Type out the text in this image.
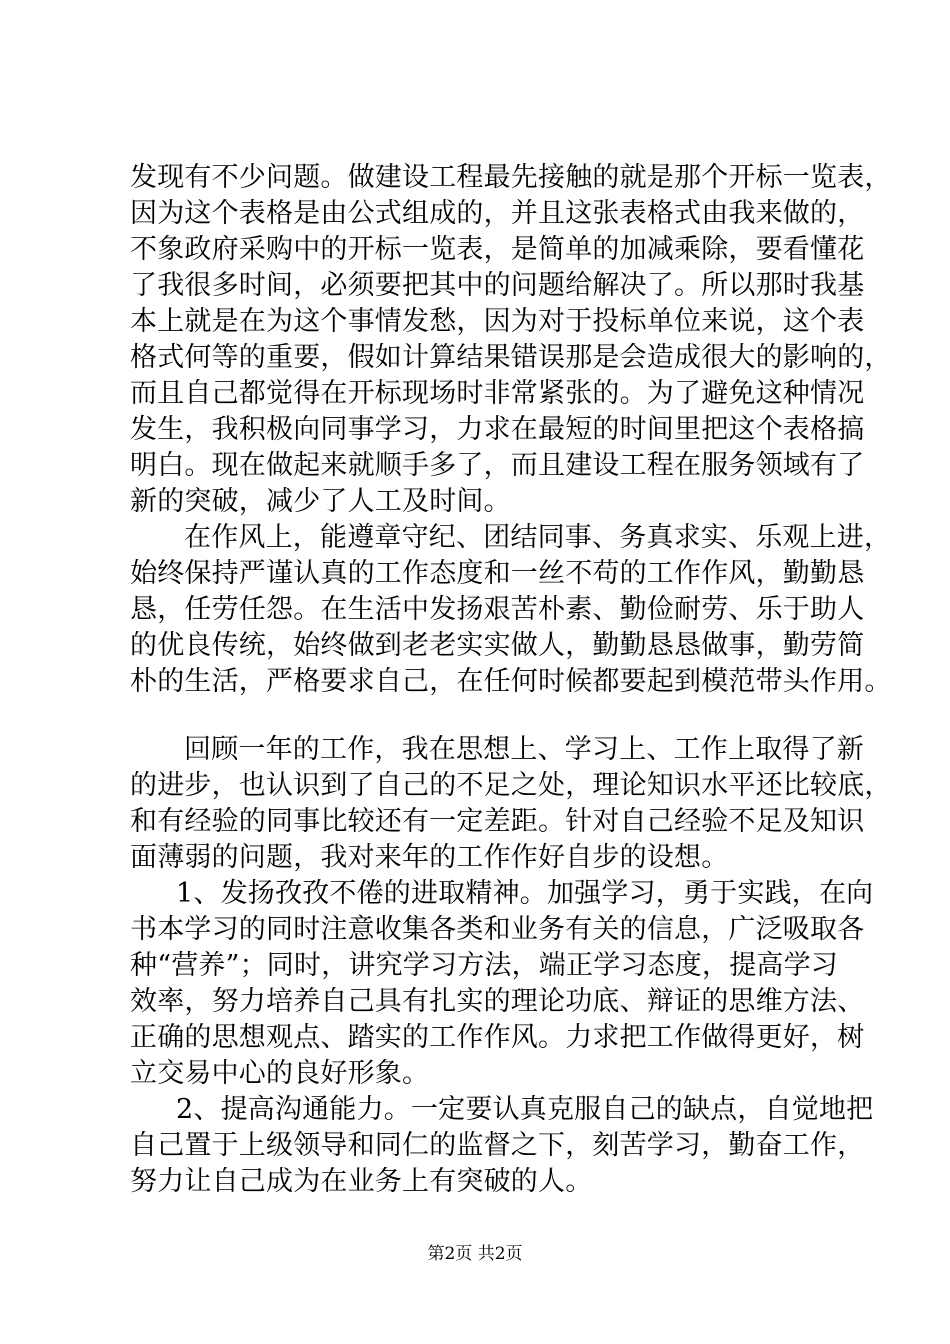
发现有不少问题。做建设工程最先接触的就是那个开标一览表，
因为这个表格是由公式组成的，并且这张表格式由我来做的，
不象政府采购中的开标一览表，是简单的加减乘除，要看懂花
了我很多时间，必须要把其中的问题给解决了。所以那时我基
本上就是在为这个事情发愁，因为对于投标单位来说，这个表
格式何等的重要，假如计算结果错误那是会造成很大的影响的，
而且自己都觉得在开标现场时非常紧张的。为了避免这种情况
发生，我积极向同事学习，力求在最短的时间里把这个表格搞
明白。现在做起来就顺手多了，而且建设工程在服务领域有了
新的突破，减少了人工及时间。
在作风上，能遵章守纪、团结同事、务真求实、乐观上进，
始终保持严谨认真的工作态度和一丝不苟的工作作风，勤勤恳
恳，任劳任怨。在生活中发扬艰苦朴素、勤俭耐劳、乐于助人
的优良传统，始终做到老老实实做人，勤勤恳恳做事，勤劳简
朴的生活，严格要求自己，在任何时候都要起到模范带头作用。
回顾一年的工作，我在思想上、学习上、工作上取得了新
的进步，也认识到了自己的不足之处，理论知识水平还比较底，
和有经验的同事比较还有一定差距。针对自己经验不足及知识
面薄弱的问题，我对来年的工作作好自步的设想。
1、发扬孜孜不倦的进取精神。加强学习，勇于实践，在向
书本学习的同时注意收集各类和业务有关的信息，广泛吸取各
种“营养”；同时，讲究学习方法，端正学习态度，提高学习
效率，努力培养自己具有扎实的理论功底、辩证的思维方法、
正确的思想观点、踏实的工作作风。力求把工作做得更好，树
立交易中心的良好形象。
2、提高沟通能力。一定要认真克服自己的缺点，自觉地把
自己置于上级领导和同仁的监督之下，刻苦学习，勤奋工作，
努力让自己成为在业务上有突破的人。
第2页 共2页
